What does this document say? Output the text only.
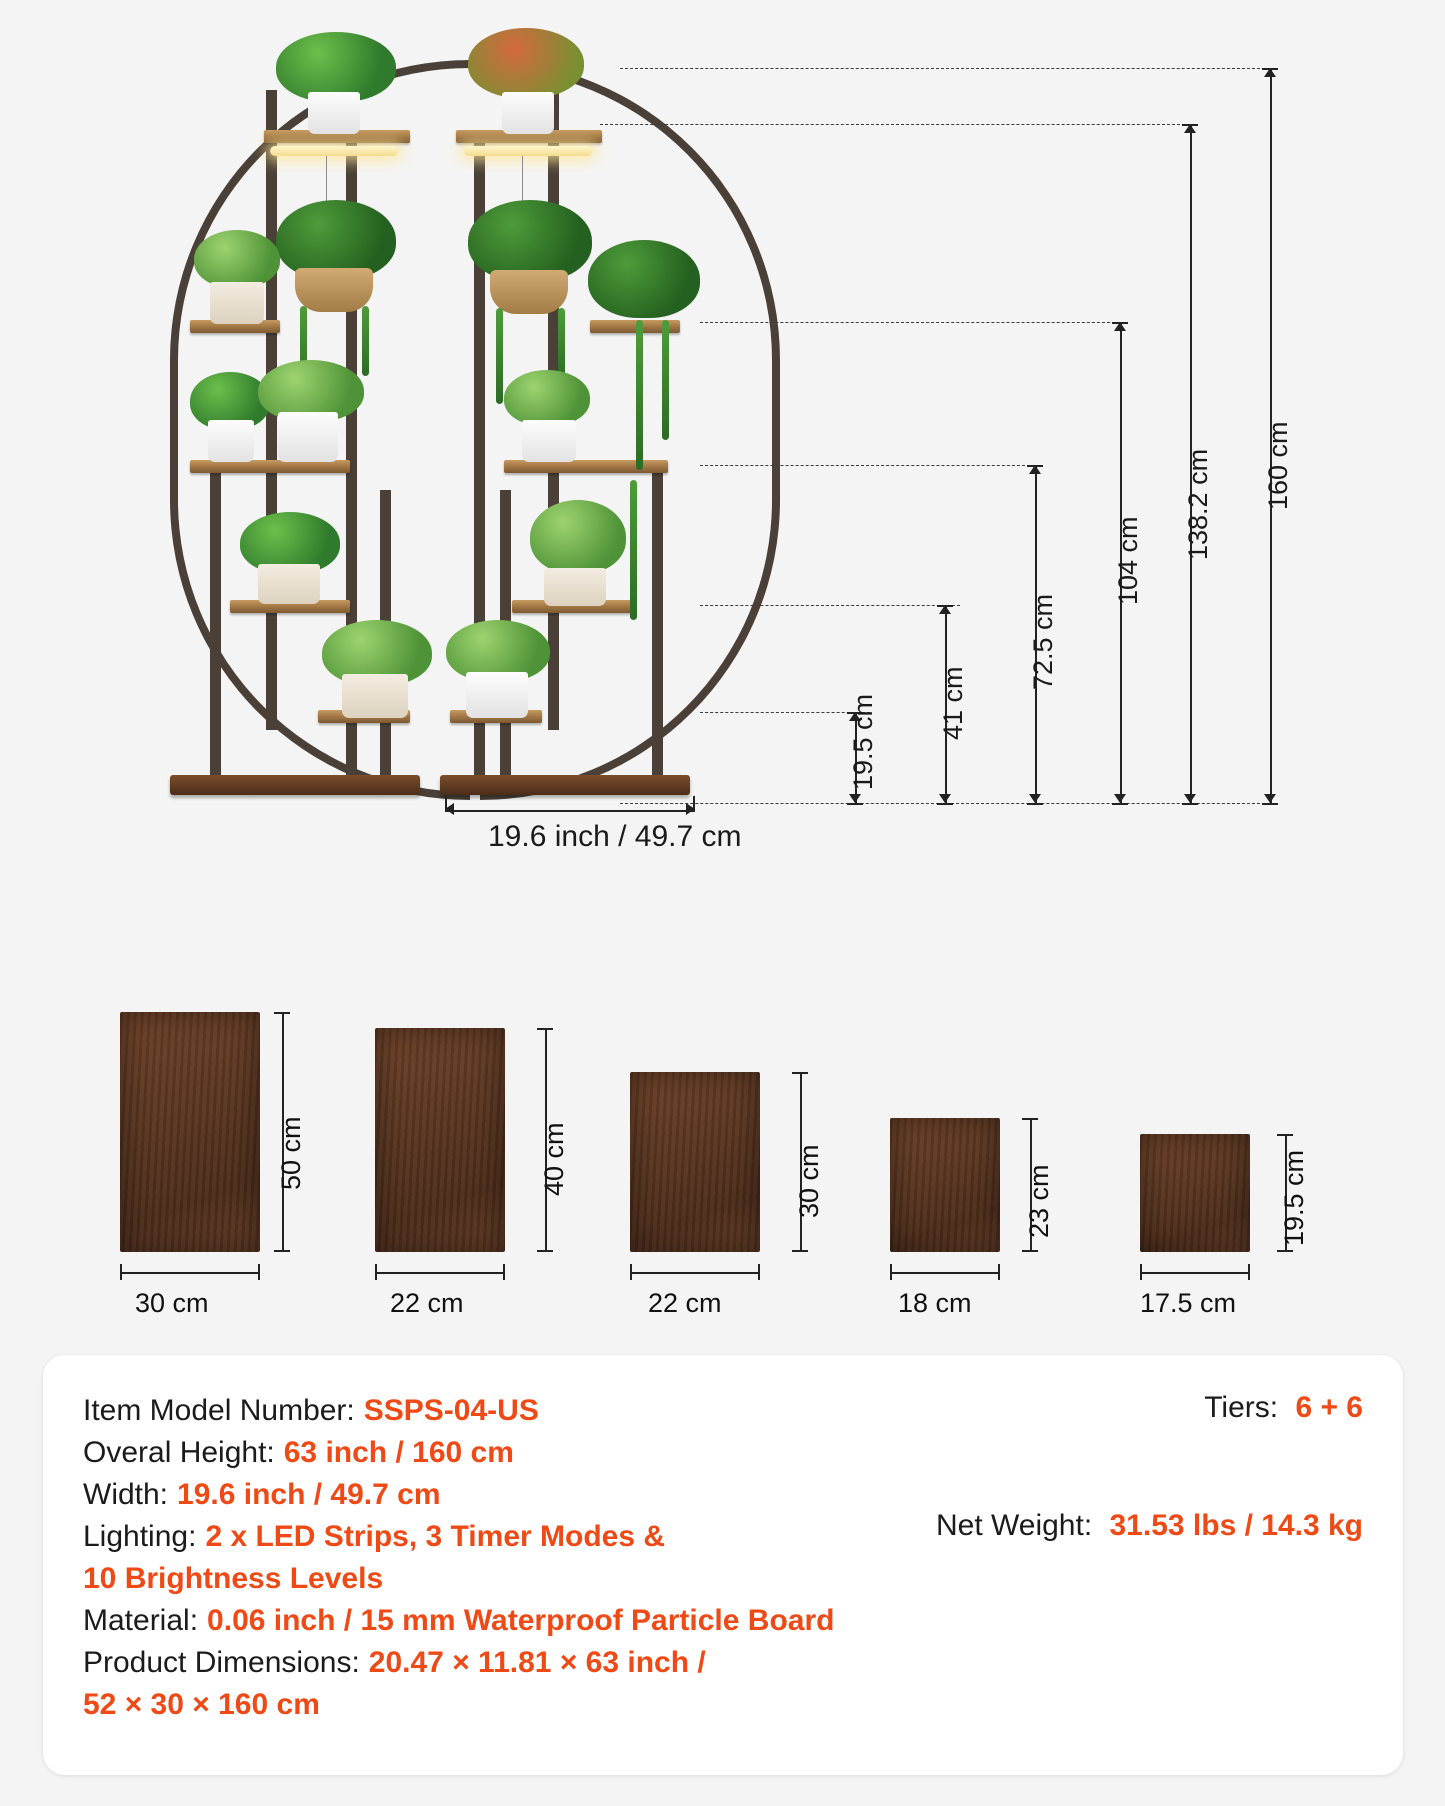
19.6 inch / 49.7 cm
19.5 cm 41 cm
72.5 cm
104 cm
138.2 cm 160 cm
50 cm
30 cm
40 cm
22 cm
30 cm
22 cm
23 cm
18 cm
19.5 cm
17.5 cm
Item Model Number: SSPS-04-US
Overal Height: 63 inch / 160 cm
Width: 19.6 inch / 49.7 cm
Lighting: 2 x LED Strips, 3 Timer Modes &
10 Brightness Levels
Material: 0.06 inch / 15 mm Waterproof Particle Board
Product Dimensions: 20.47 × 11.81 × 63 inch /
52 × 30 × 160 cm
Tiers: 6 + 6
Net Weight: 31.53 lbs / 14.3 kg
